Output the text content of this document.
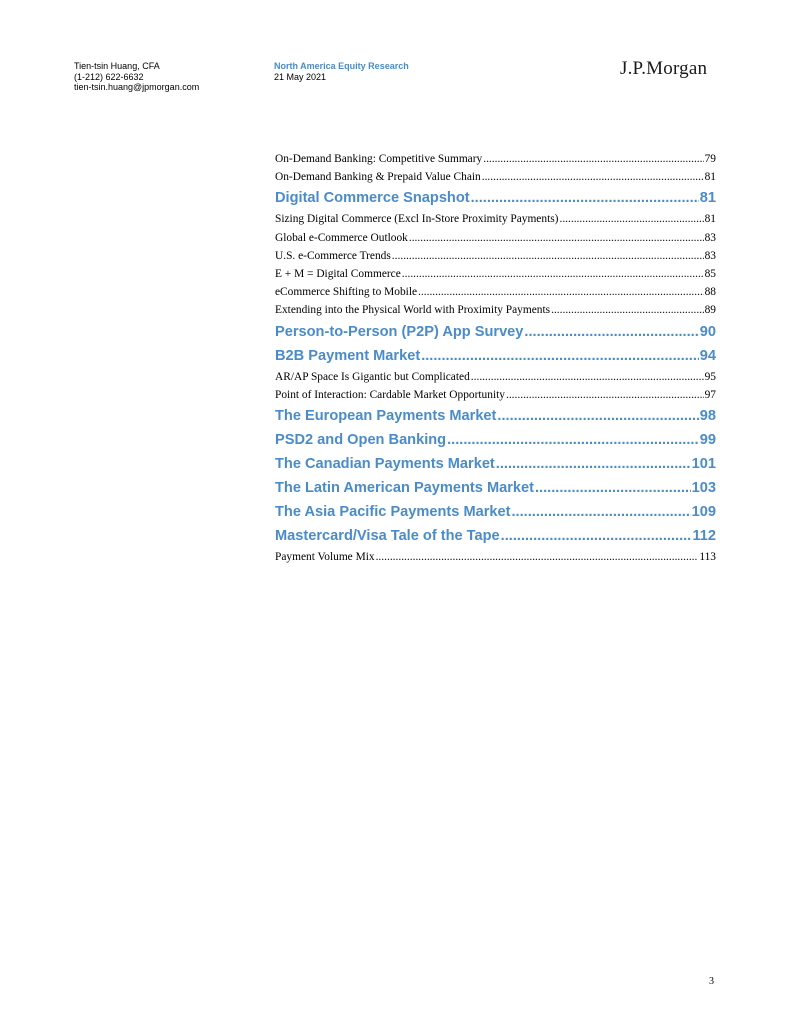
Tien-tsin Huang, CFA
(1-212) 622-6632
tien-tsin.huang@jpmorgan.com
North America Equity Research
21 May 2021	J.P.Morgan
On-Demand Banking: Competitive Summary .....	79
On-Demand Banking & Prepaid Value Chain .....	81
Digital Commerce Snapshot .....	81
Sizing Digital Commerce (Excl In-Store Proximity Payments) .....	81
Global e-Commerce Outlook .....	83
U.S. e-Commerce Trends .....	83
E + M = Digital Commerce .....	85
eCommerce Shifting to Mobile .....	88
Extending into the Physical World with Proximity Payments .....	89
Person-to-Person (P2P) App Survey .....	90
B2B Payment Market .....	94
AR/AP Space Is Gigantic but Complicated .....	95
Point of Interaction: Cardable Market Opportunity .....	97
The European Payments Market .....	98
PSD2 and Open Banking .....	99
The Canadian Payments Market .....	101
The Latin American Payments Market .....	103
The Asia Pacific Payments Market .....	109
Mastercard/Visa Tale of the Tape .....	112
Payment Volume Mix .....	113
3
